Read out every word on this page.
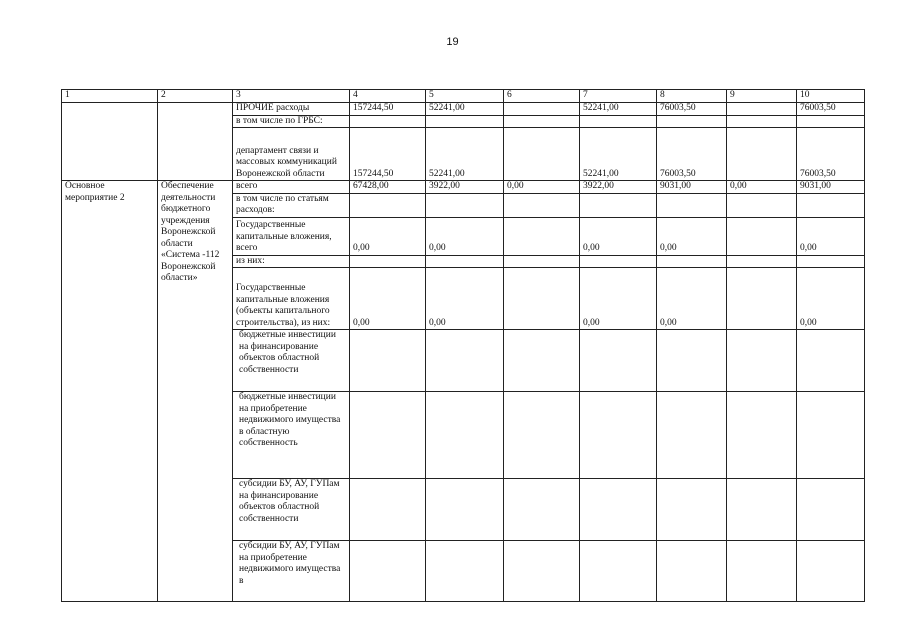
19
1	2	3	4	5	6	7	8	9	10
		ПРОЧИЕ расходы	157244,50	52241,00		52241,00	76003,50		76003,50
		в том числе по ГРБС:							
		департамент связи и массовых коммуникаций Воронежской области	157244,50	52241,00		52241,00	76003,50		76003,50
Основное мероприятие 2	Обеспечение деятельности бюджетного учреждения Воронежской области «Система -112 Воронежской области»	всего	67428,00	3922,00	0,00	3922,00	9031,00	0,00	9031,00
		в том числе по статьям расходов:							
		Государственные капитальные вложения, всего	0,00	0,00		0,00	0,00		0,00
		из них:							
		Государственные капитальные вложения (объекты капитального строительства), из них:	0,00	0,00		0,00	0,00		0,00
		бюджетные инвестиции на финансирование объектов областной собственности							
		бюджетные инвестиции на приобретение недвижимого имущества в областную собственность							
		субсидии БУ, АУ, ГУПам на финансирование объектов областной собственности							
		субсидии БУ, АУ, ГУПам на приобретение недвижимого имущества в							
